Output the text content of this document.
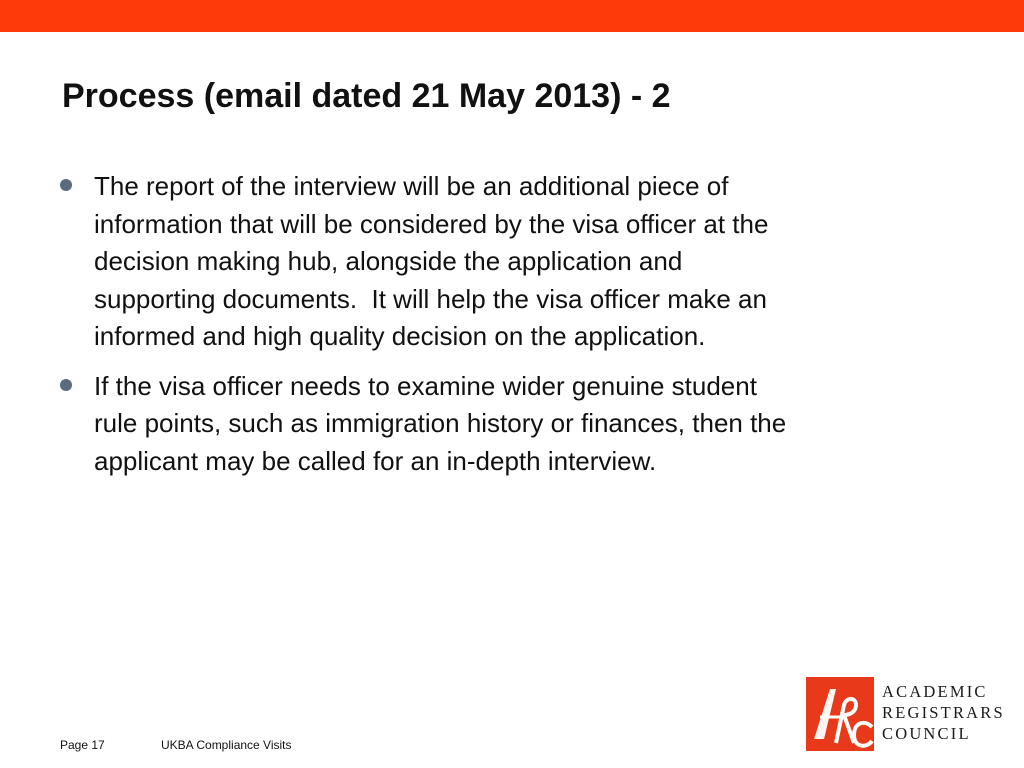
Process (email dated 21 May 2013) - 2
The report of the interview will be an additional piece of
information that will be considered by the visa officer at the
decision making hub, alongside the application and
supporting documents.  It will help the visa officer make an
informed and high quality decision on the application.
If the visa officer needs to examine wider genuine student
rule points, such as immigration history or finances, then the
applicant may be called for an in-depth interview.
Page 17	UKBA Compliance Visits
ACADEMIC
REGISTRARS
COUNCIL
